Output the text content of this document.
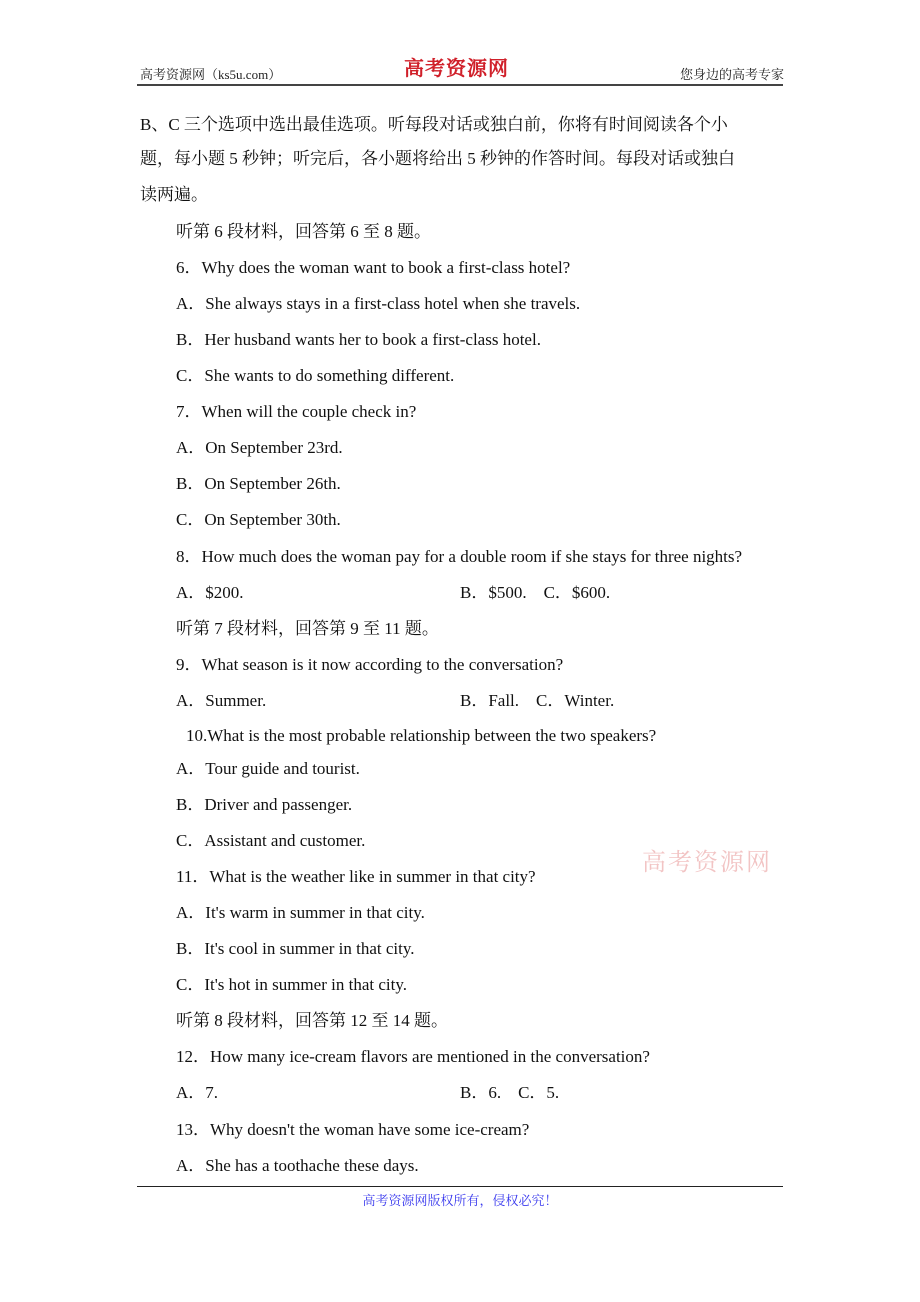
高考资源网（ks5u.com）	高考资源网	您身边的高考专家
B、C 三个选项中选出最佳选项。听每段对话或独白前，你将有时间阅读各个小
题，每小题 5 秒钟；听完后，各小题将给出 5 秒钟的作答时间。每段对话或独白
读两遍。
听第 6 段材料，回答第 6 至 8 题。
6．Why does the woman want to book a first-class hotel?
A．She always stays in a first-class hotel when she travels.
B．Her husband wants her to book a first-class hotel.
C．She wants to do something different.
7．When will the couple check in?
A．On September 23rd.
B．On September 26th.
C．On September 30th.
8．How much does the woman pay for a double room if she stays for three nights?
A．$200.	B．$500.    C．$600.
听第 7 段材料，回答第 9 至 11 题。
9．What season is it now according to the conversation?
A．Summer.	B．Fall.    C．Winter.
10.What is the most probable relationship between the two speakers?
A．Tour guide and tourist.
B．Driver and passenger.
C．Assistant and customer.
高考资源网
11．What is the weather like in summer in that city?
A．It's warm in summer in that city.
B．It's cool in summer in that city.
C．It's hot in summer in that city.
听第 8 段材料，回答第 12 至 14 题。
12．How many ice-cream flavors are mentioned in the conversation?
A．7.	B．6.    C．5.
13．Why doesn't the woman have some ice-cream?
A．She has a toothache these days.
高考资源网版权所有，侵权必究！
